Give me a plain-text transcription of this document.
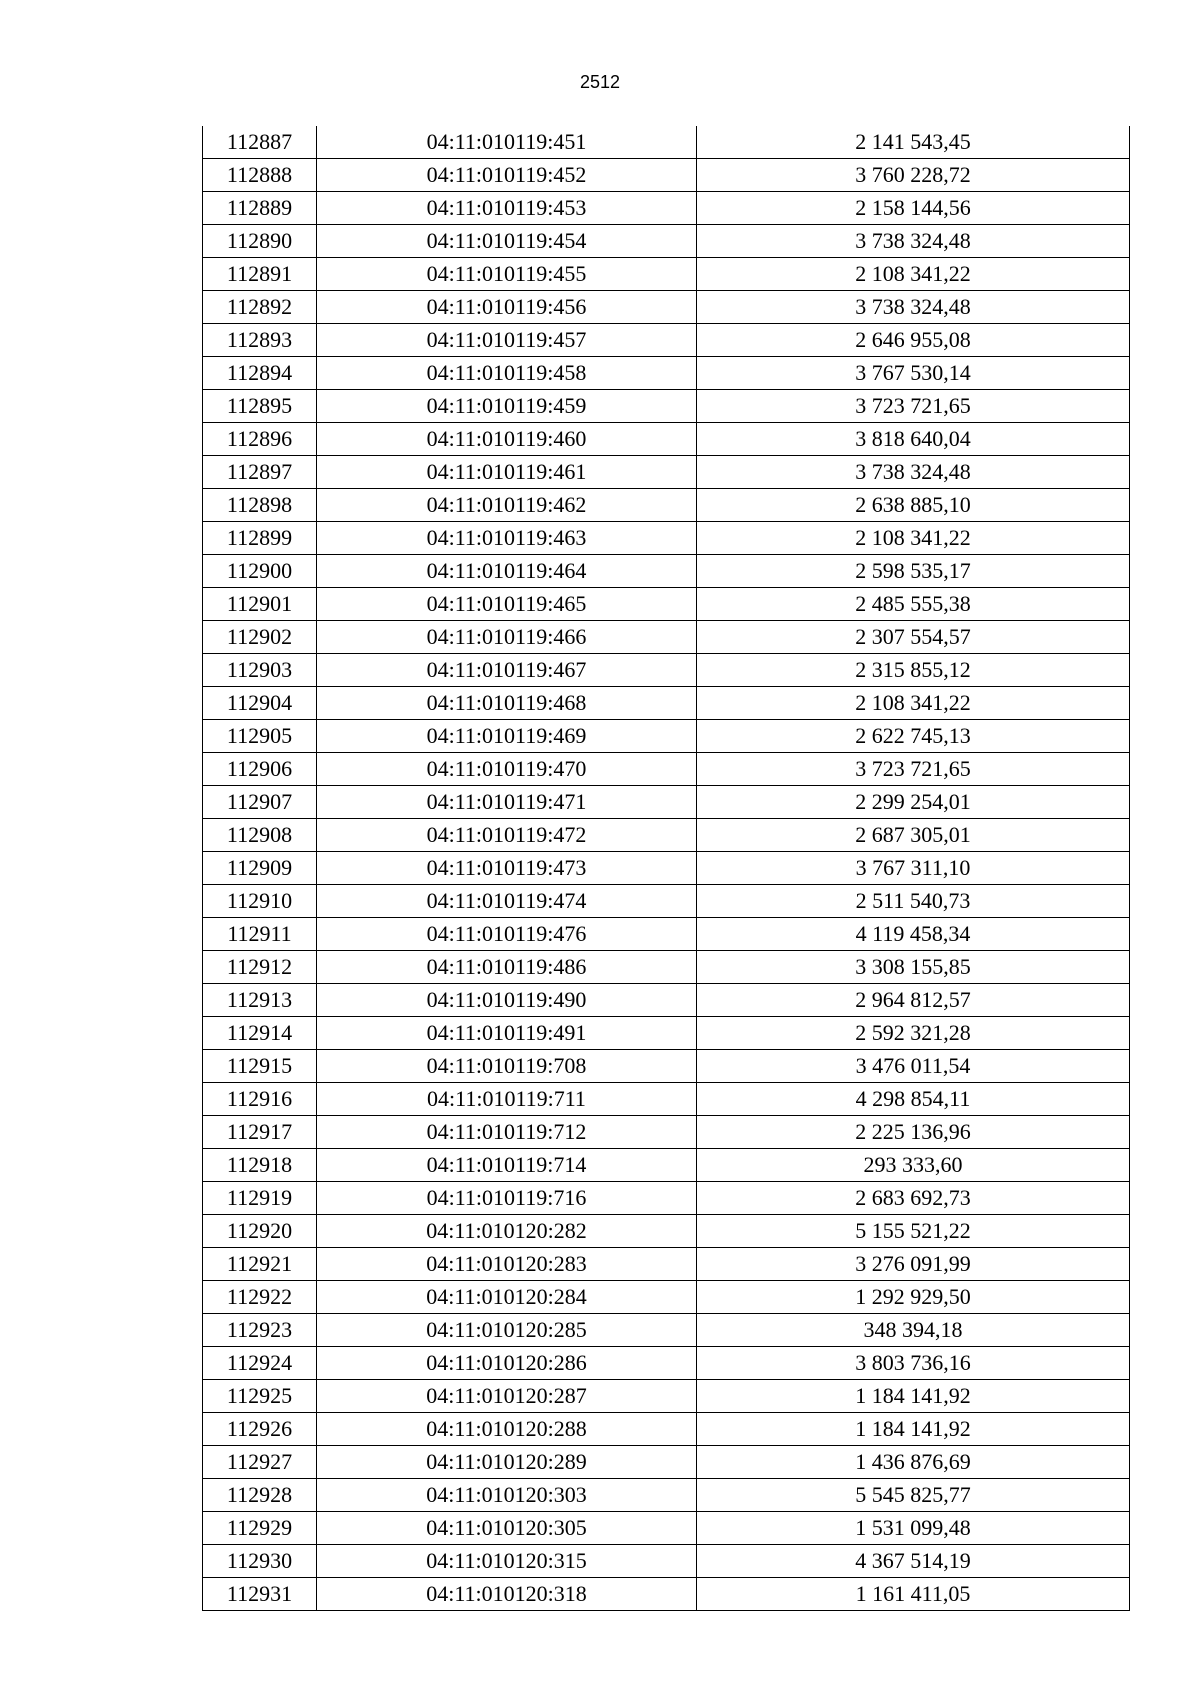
2512
112887	04:11:010119:451	2 141 543,45
112888	04:11:010119:452	3 760 228,72
112889	04:11:010119:453	2 158 144,56
112890	04:11:010119:454	3 738 324,48
112891	04:11:010119:455	2 108 341,22
112892	04:11:010119:456	3 738 324,48
112893	04:11:010119:457	2 646 955,08
112894	04:11:010119:458	3 767 530,14
112895	04:11:010119:459	3 723 721,65
112896	04:11:010119:460	3 818 640,04
112897	04:11:010119:461	3 738 324,48
112898	04:11:010119:462	2 638 885,10
112899	04:11:010119:463	2 108 341,22
112900	04:11:010119:464	2 598 535,17
112901	04:11:010119:465	2 485 555,38
112902	04:11:010119:466	2 307 554,57
112903	04:11:010119:467	2 315 855,12
112904	04:11:010119:468	2 108 341,22
112905	04:11:010119:469	2 622 745,13
112906	04:11:010119:470	3 723 721,65
112907	04:11:010119:471	2 299 254,01
112908	04:11:010119:472	2 687 305,01
112909	04:11:010119:473	3 767 311,10
112910	04:11:010119:474	2 511 540,73
112911	04:11:010119:476	4 119 458,34
112912	04:11:010119:486	3 308 155,85
112913	04:11:010119:490	2 964 812,57
112914	04:11:010119:491	2 592 321,28
112915	04:11:010119:708	3 476 011,54
112916	04:11:010119:711	4 298 854,11
112917	04:11:010119:712	2 225 136,96
112918	04:11:010119:714	293 333,60
112919	04:11:010119:716	2 683 692,73
112920	04:11:010120:282	5 155 521,22
112921	04:11:010120:283	3 276 091,99
112922	04:11:010120:284	1 292 929,50
112923	04:11:010120:285	348 394,18
112924	04:11:010120:286	3 803 736,16
112925	04:11:010120:287	1 184 141,92
112926	04:11:010120:288	1 184 141,92
112927	04:11:010120:289	1 436 876,69
112928	04:11:010120:303	5 545 825,77
112929	04:11:010120:305	1 531 099,48
112930	04:11:010120:315	4 367 514,19
112931	04:11:010120:318	1 161 411,05
